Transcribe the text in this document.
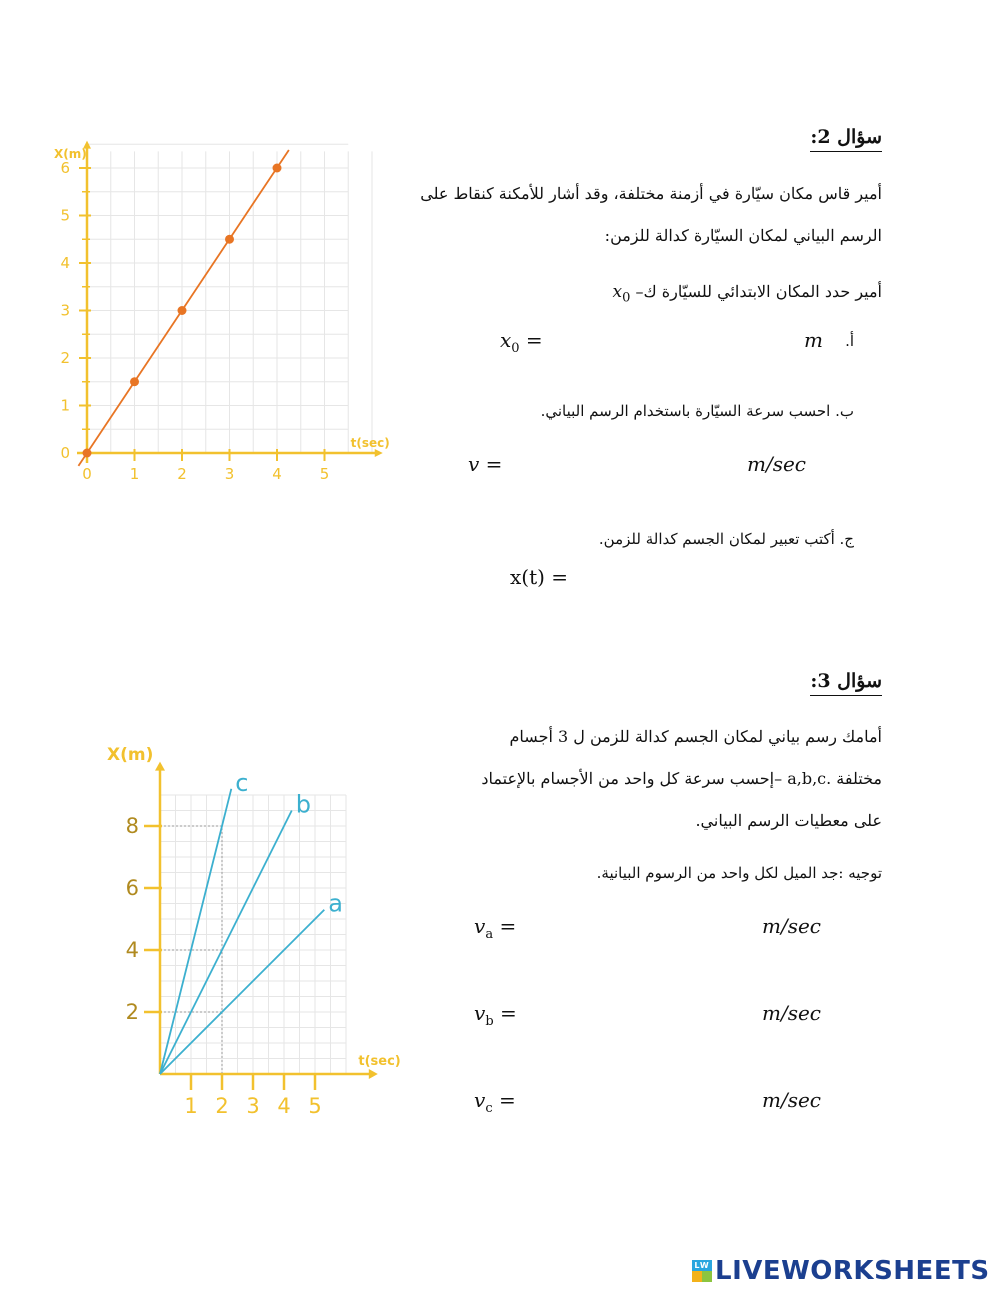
سؤال 2:
أمير قاس مكان سيّارة في أزمنة مختلفة، وقد أشار للأمكنة كنقاط على
الرسم البياني لمكان السيّارة كدالة للزمن:
أمير حدد المكان الابتدائي للسيّارة ك– $x_0$
أ.
$x_0$ =	m
ب. احسب سرعة السيّارة باستخدام الرسم البياني.
v =	m/sec
ج. أكتب تعبير لمكان الجسم كدالة للزمن.
x(t) =
0	1	2	3	4	5
0
1
2
3
4
5
6
X(m)
t(sec)
سؤال 3:
أمامك رسم بياني لمكان الجسم كدالة للزمن ل 3 أجسام
مختلفة .a,b,c –إحسب سرعة كل واحد من الأجسام بالإعتماد
على معطيات الرسم البياني.
توجيه :جد الميل لكل واحد من الرسوم البيانية.
$v_a$ =	m/sec
$v_b$ =	m/sec
$v_c$ =	m/sec
1 2 3 4 5
2
4
6
8
X(m)
t(sec)
a
b
c
LW LIVEWORKSHEETS
